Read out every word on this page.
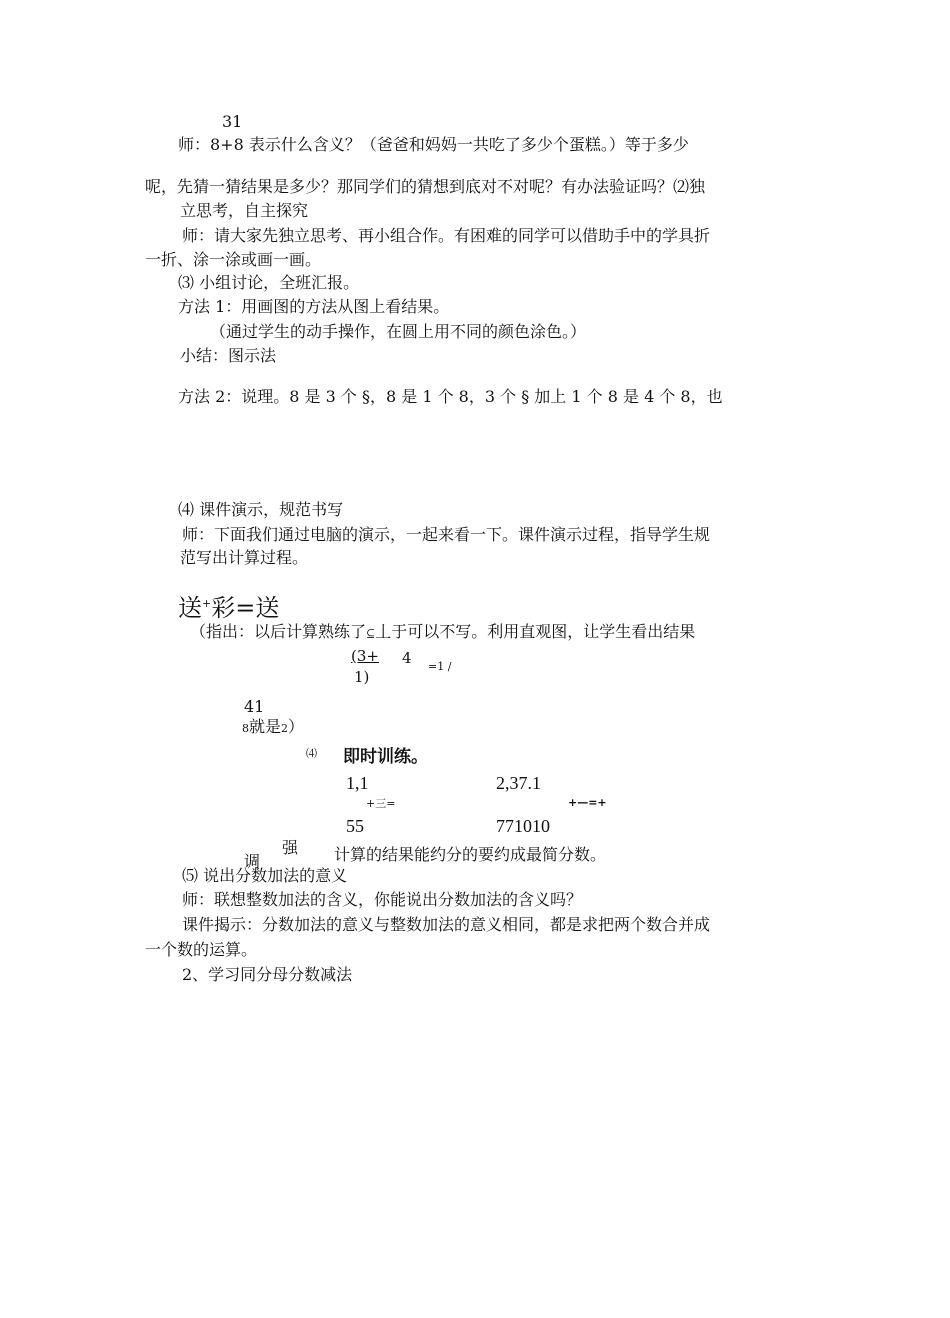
31
师：8+8 表示什么含义？（爸爸和妈妈一共吃了多少个蛋糕。）等于多少
呢，先猜一猜结果是多少？那同学们的猜想到底对不对呢？有办法验证吗？⑵独
立思考，自主探究
师：请大家先独立思考、再小组合作。有困难的同学可以借助手中的学具折
一折、涂一涂或画一画。
⑶ 小组讨论，全班汇报。
方法 1：用画图的方法从图上看结果。
（通过学生的动手操作，在圆上用不同的颜色涂色。）
小结：图示法
方法 2：说理。8 是 3 个 §，8 是 1 个 8，3 个 § 加上 1 个 8 是 4 个 8，也
⑷ 课件演示，规范书写
师：下面我们通过电脑的演示，一起来看一下。课件演示过程，指导学生规
范写出计算过程。
送+彩=送
（指出：以后计算熟练了⊆丄于可以不写。利用直观图，让学生看出结果
(3+ 4 =1 /
1)
41
8就是2）
⑷ 即时训练。
1,1	2,37.1
+三=	+—=+
55	771010
强
调	计算的结果能约分的要约成最简分数。
⑸ 说出分数加法的意义
师：联想整数加法的含义，你能说出分数加法的含义吗？
课件揭示：分数加法的意义与整数加法的意义相同，都是求把两个数合并成
一个数的运算。
2、学习同分母分数减法
